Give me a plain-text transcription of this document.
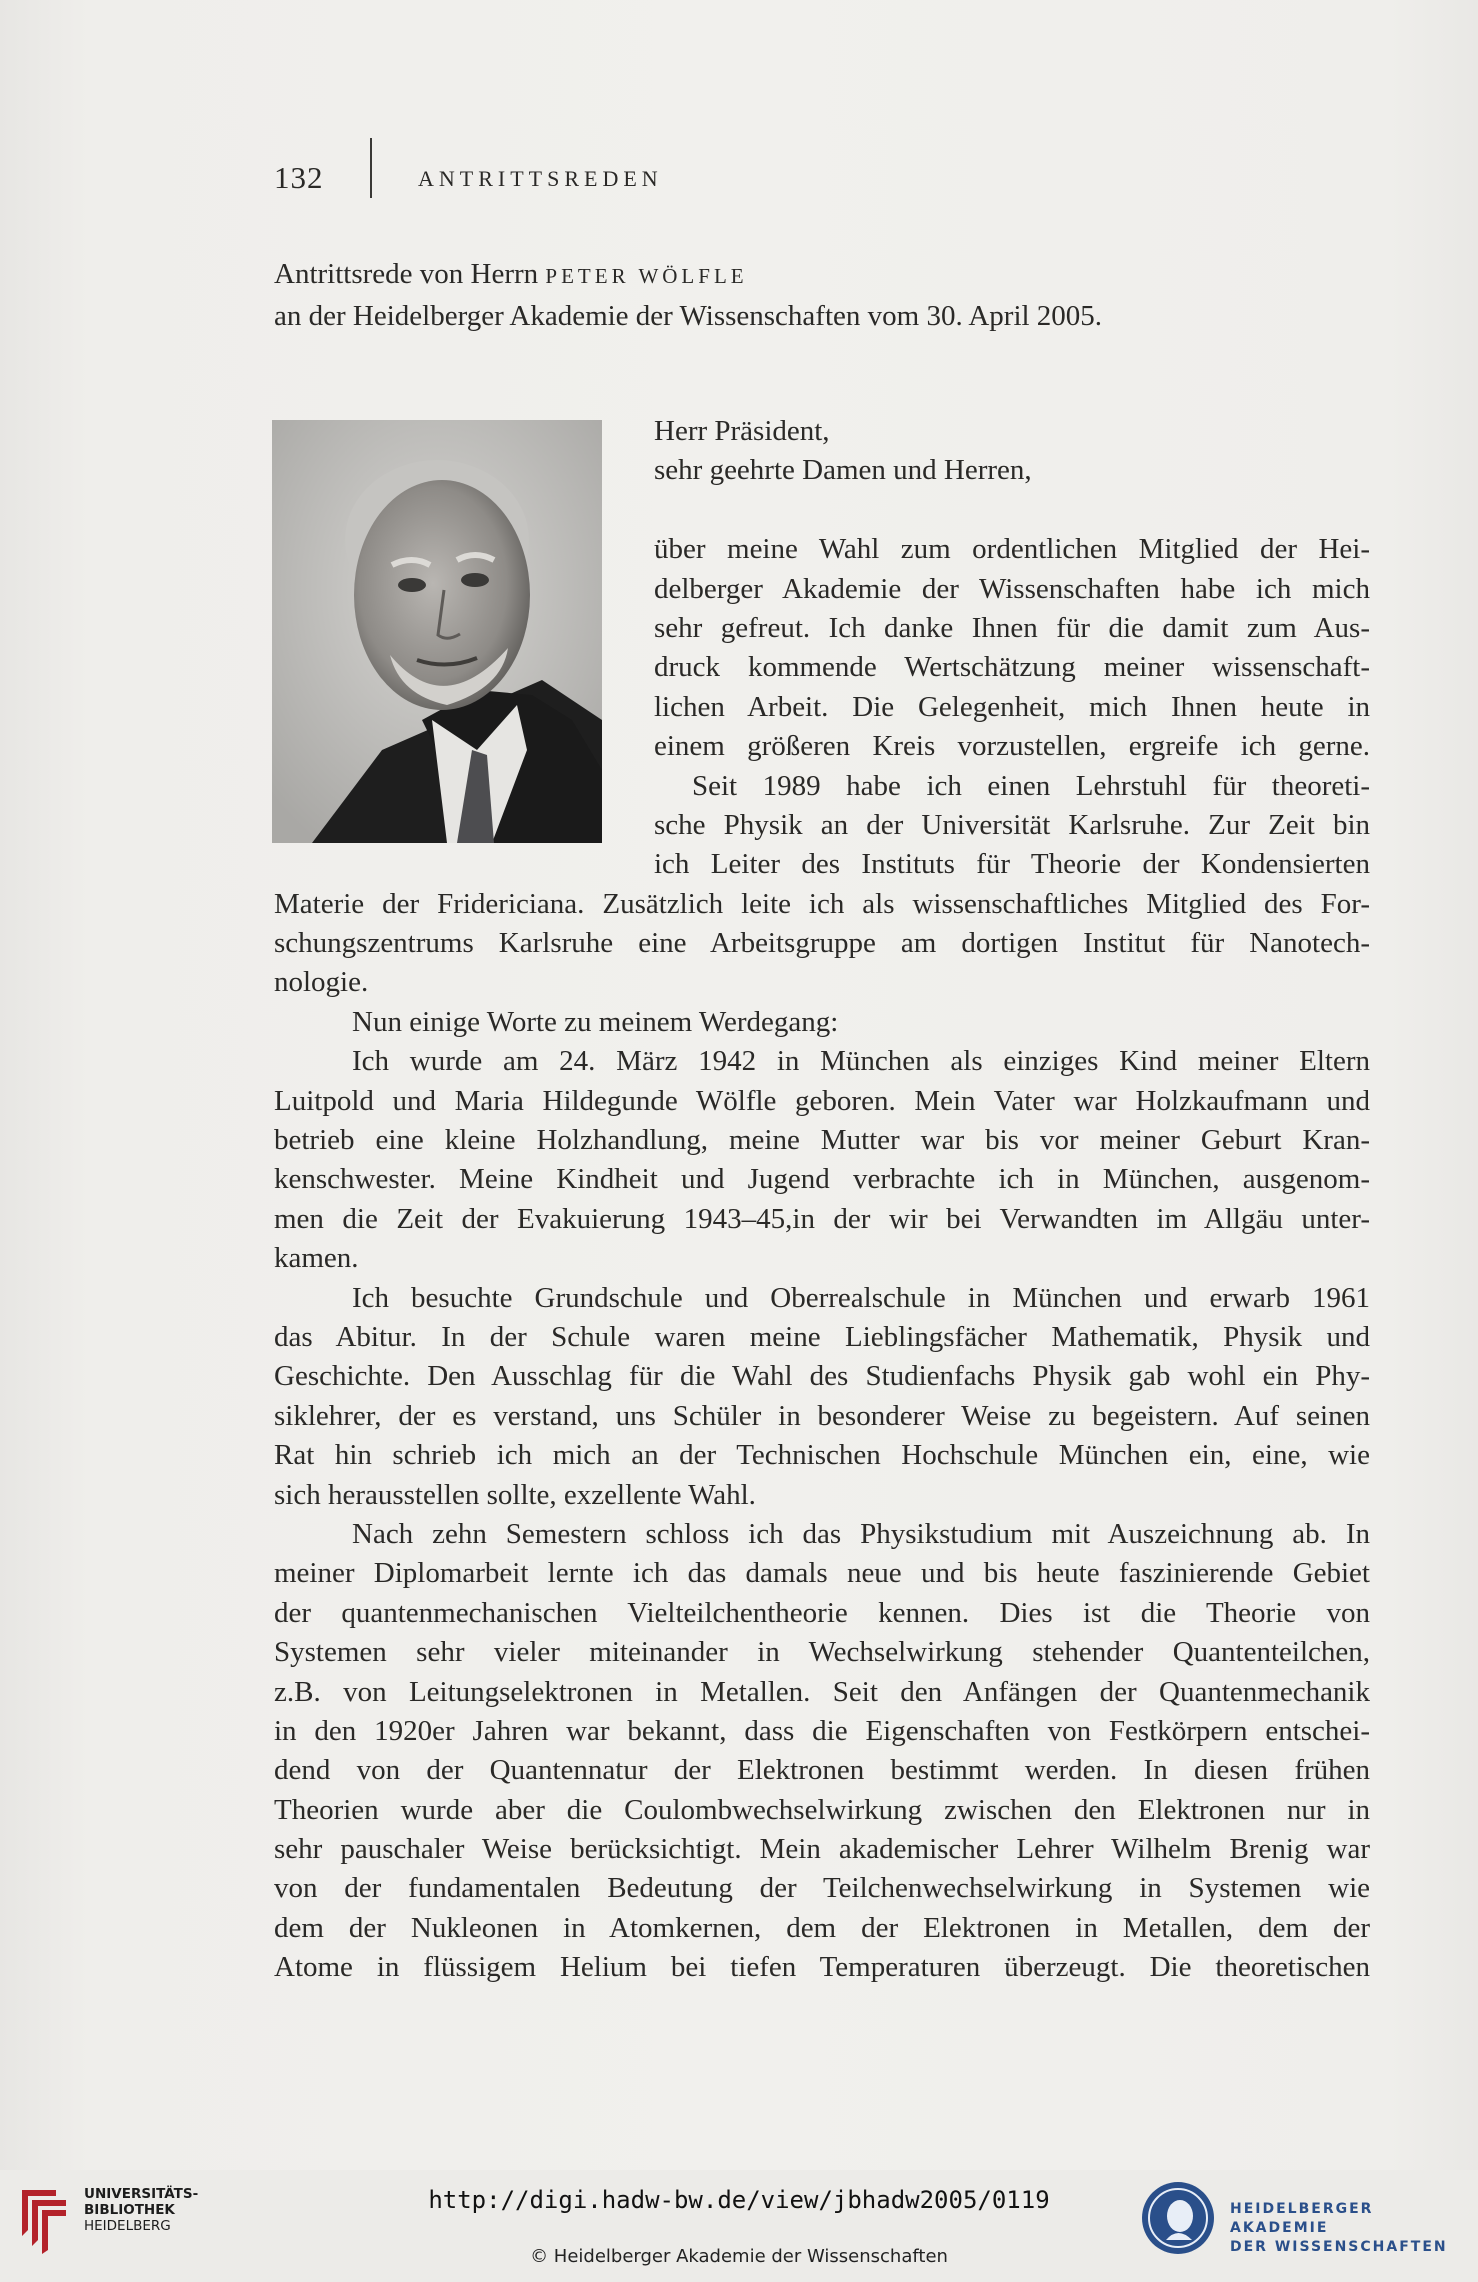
132	ANTRITTSREDEN
Antrittsrede von Herrn PETER WÖLFLE
an der Heidelberger Akademie der Wissenschaften vom 30. April 2005.
Herr Präsident,
sehr geehrte Damen und Herren,
über meine Wahl zum ordentlichen Mitglied der Hei-
delberger Akademie der Wissenschaften habe ich mich
sehr gefreut. Ich danke Ihnen für die damit zum Aus-
druck kommende Wertschätzung meiner wissenschaft-
lichen Arbeit. Die Gelegenheit, mich Ihnen heute in
einem größeren Kreis vorzustellen, ergreife ich gerne.
Seit 1989 habe ich einen Lehrstuhl für theoreti-
sche Physik an der Universität Karlsruhe. Zur Zeit bin
ich Leiter des Instituts für Theorie der Kondensierten
Materie der Fridericiana. Zusätzlich leite ich als wissenschaftliches Mitglied des For-
schungszentrums Karlsruhe eine Arbeitsgruppe am dortigen Institut für Nanotech-
nologie.
Nun einige Worte zu meinem Werdegang:
Ich wurde am 24. März 1942 in München als einziges Kind meiner Eltern
Luitpold und Maria Hildegunde Wölfle geboren. Mein Vater war Holzkaufmann und
betrieb eine kleine Holzhandlung, meine Mutter war bis vor meiner Geburt Kran-
kenschwester. Meine Kindheit und Jugend verbrachte ich in München, ausgenom-
men die Zeit der Evakuierung 1943–45,in der wir bei Verwandten im Allgäu unter-
kamen.
Ich besuchte Grundschule und Oberrealschule in München und erwarb 1961
das Abitur. In der Schule waren meine Lieblingsfächer Mathematik, Physik und
Geschichte. Den Ausschlag für die Wahl des Studienfachs Physik gab wohl ein Phy-
siklehrer, der es verstand, uns Schüler in besonderer Weise zu begeistern. Auf seinen
Rat hin schrieb ich mich an der Technischen Hochschule München ein, eine, wie
sich herausstellen sollte, exzellente Wahl.
Nach zehn Semestern schloss ich das Physikstudium mit Auszeichnung ab. In
meiner Diplomarbeit lernte ich das damals neue und bis heute faszinierende Gebiet
der quantenmechanischen Vielteilchentheorie kennen. Dies ist die Theorie von
Systemen sehr vieler miteinander in Wechselwirkung stehender Quantenteilchen,
z.B. von Leitungselektronen in Metallen. Seit den Anfängen der Quantenmechanik
in den 1920er Jahren war bekannt, dass die Eigenschaften von Festkörpern entschei-
dend von der Quantennatur der Elektronen bestimmt werden. In diesen frühen
Theorien wurde aber die Coulombwechselwirkung zwischen den Elektronen nur in
sehr pauschaler Weise berücksichtigt. Mein akademischer Lehrer Wilhelm Brenig war
von der fundamentalen Bedeutung der Teilchenwechselwirkung in Systemen wie
dem der Nukleonen in Atomkernen, dem der Elektronen in Metallen, dem der
Atome in flüssigem Helium bei tiefen Temperaturen überzeugt. Die theoretischen
UNIVERSITÄTS-
BIBLIOTHEK
HEIDELBERG
http://digi.hadw-bw.de/view/jbhadw2005/0119
© Heidelberger Akademie der Wissenschaften
HEIDELBERGER AKADEMIE
DER WISSENSCHAFTEN
